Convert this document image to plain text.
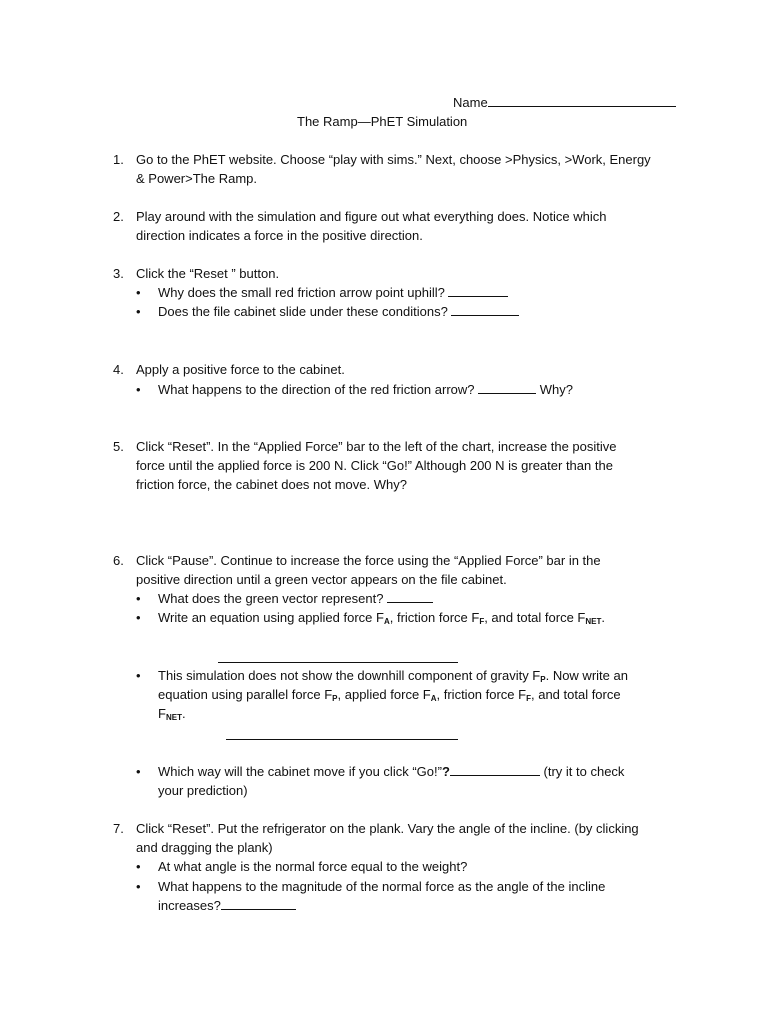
Name
The Ramp—PhET Simulation
1. Go to the PhET website. Choose “play with sims.” Next, choose >Physics, >Work, Energy
& Power>The Ramp.
2. Play around with the simulation and figure out what everything does. Notice which
direction indicates a force in the positive direction.
3. Click the “Reset ” button.
• Why does the small red friction arrow point uphill?
• Does the file cabinet slide under these conditions?
4. Apply a positive force to the cabinet.
• What happens to the direction of the red friction arrow?	Why?
5. Click “Reset”. In the “Applied Force” bar to the left of the chart, increase the positive
force until the applied force is 200 N. Click “Go!” Although 200 N is greater than the
friction force, the cabinet does not move. Why?
6. Click “Pause”. Continue to increase the force using the “Applied Force” bar in the
positive direction until a green vector appears on the file cabinet.
• What does the green vector represent?
• Write an equation using applied force $F_A$, friction force $F_F$, and total force $F_{NET}$.
• This simulation does not show the downhill component of gravity $F_P$. Now write an
equation using parallel force $F_P$, applied force $F_A$, friction force $F_F$, and total force
$F_{NET}$.
• Which way will the cabinet move if you click “Go!”?	(try it to check
your prediction)
7. Click “Reset”. Put the refrigerator on the plank. Vary the angle of the incline. (by clicking
and dragging the plank)
• At what angle is the normal force equal to the weight?
• What happens to the magnitude of the normal force as the angle of the incline
increases?
